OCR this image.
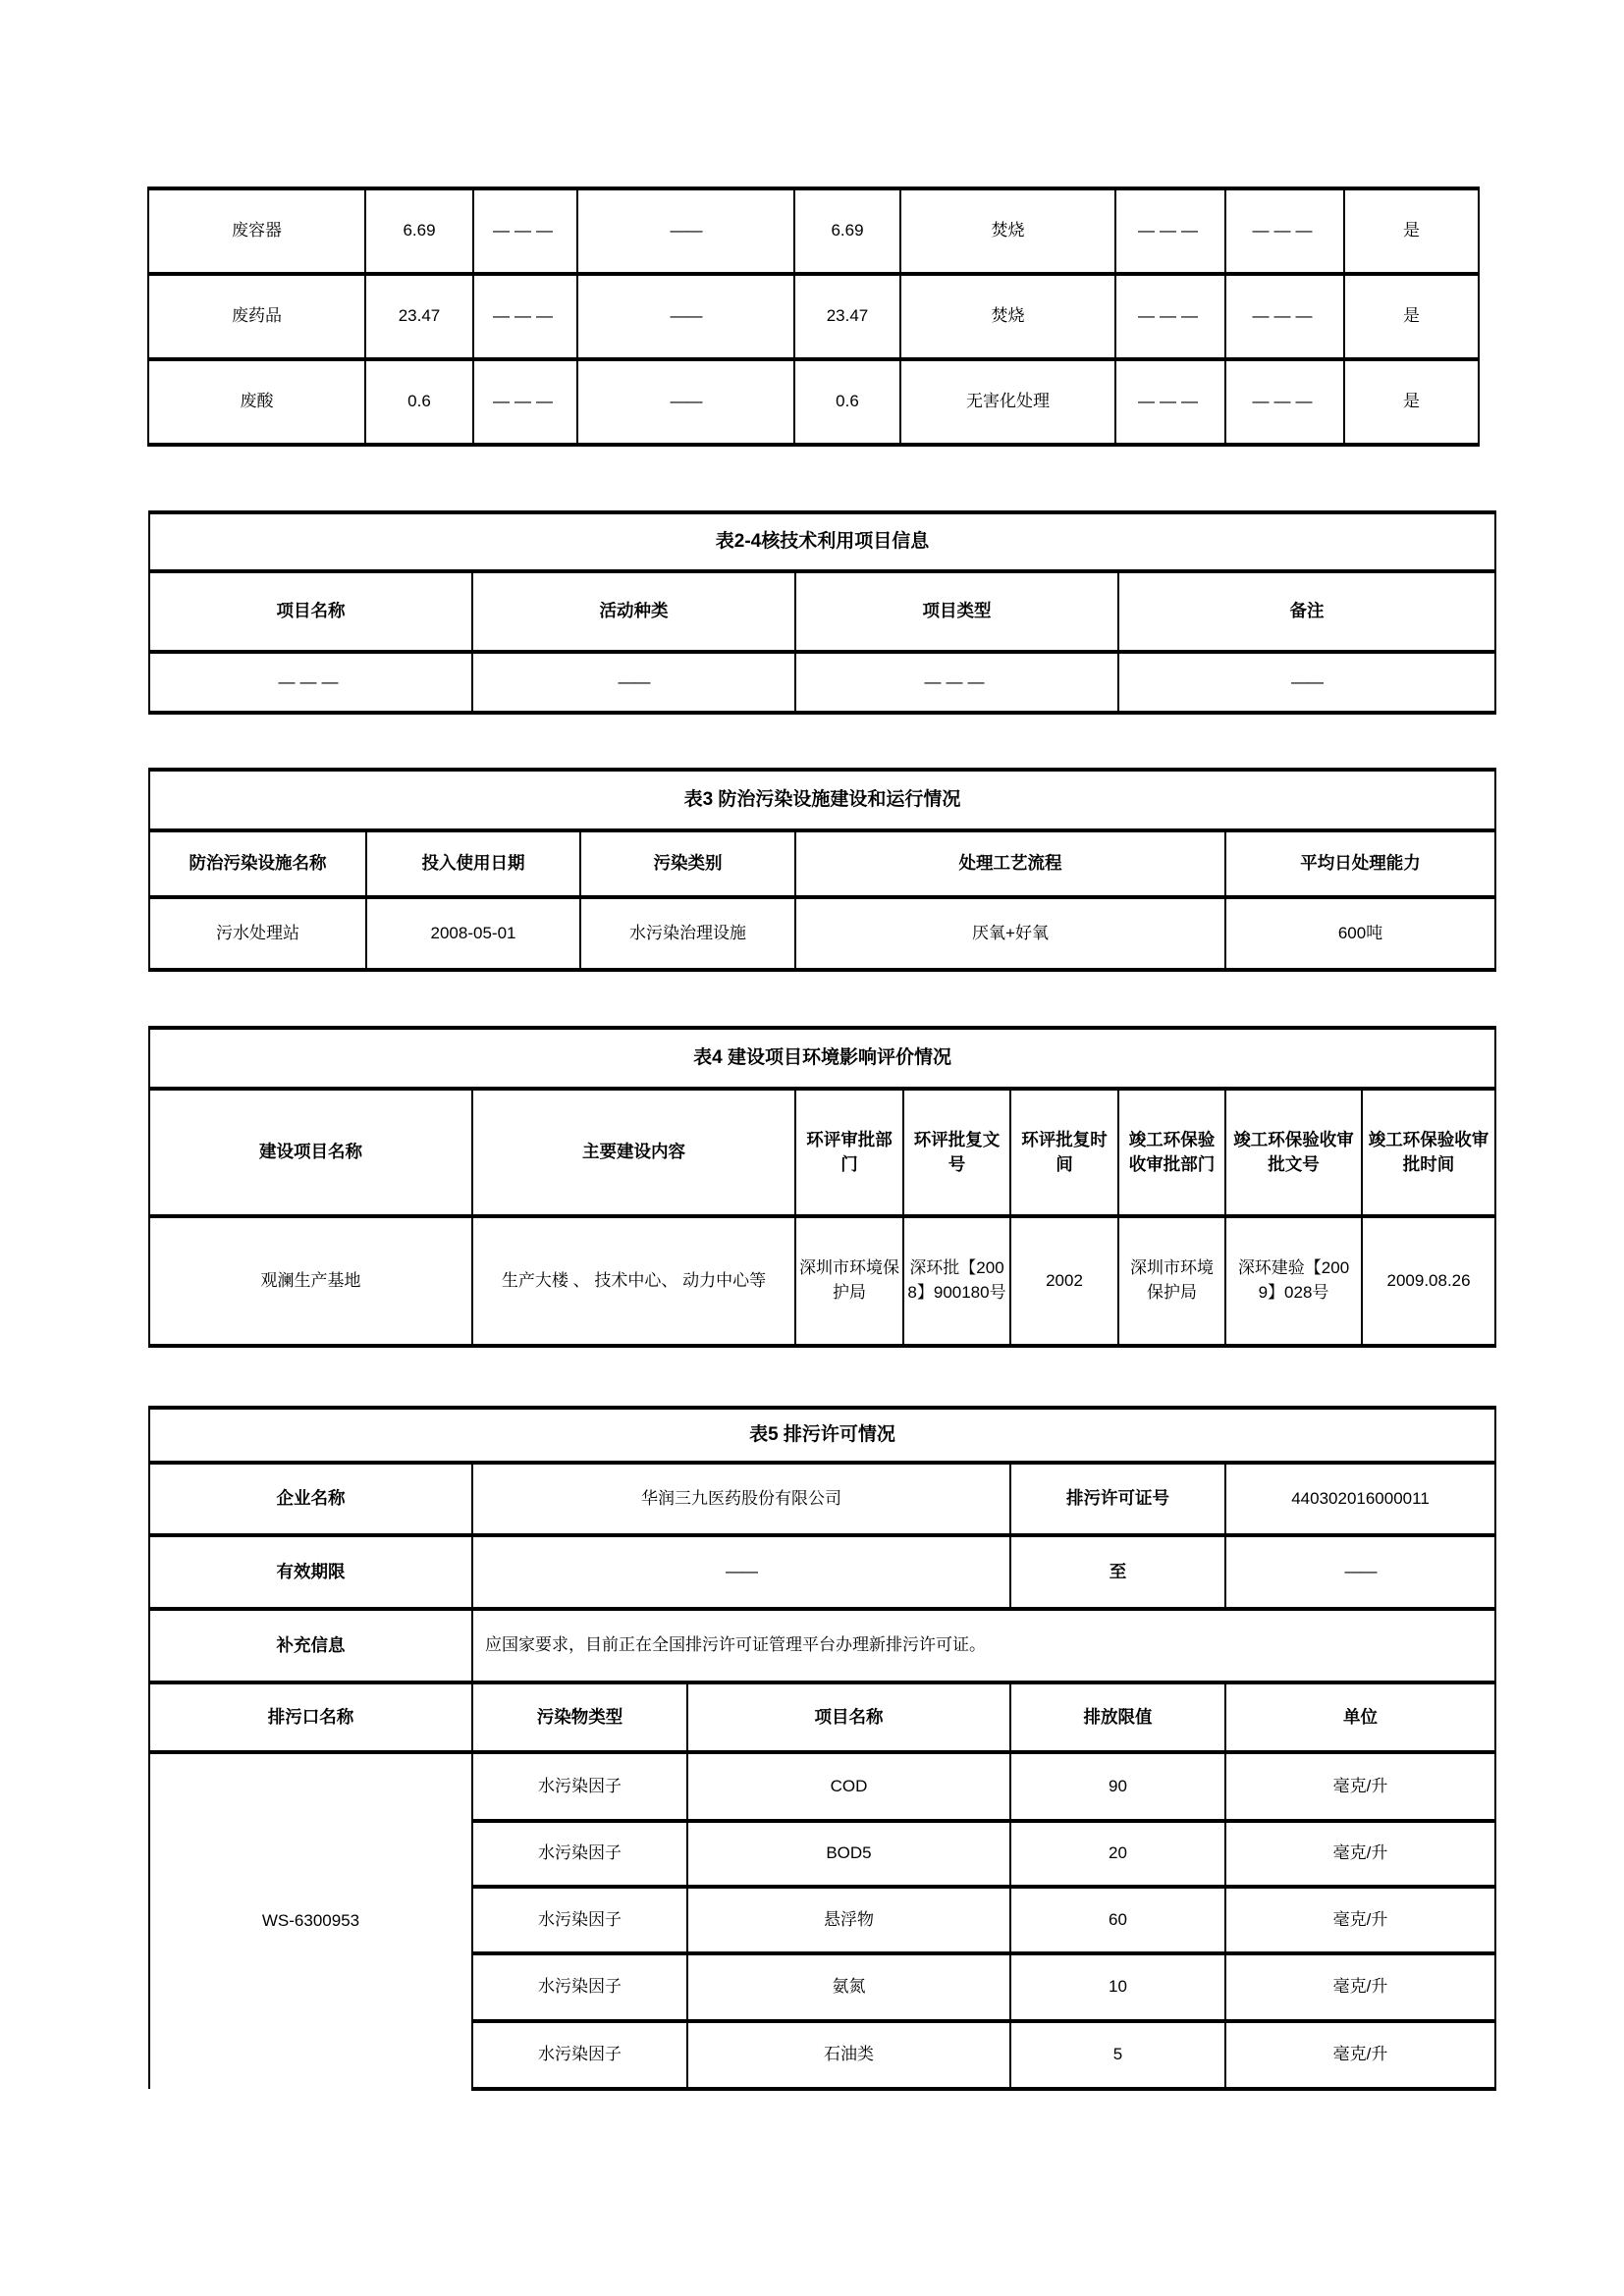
废容器	6.69	———	——	6.69	焚烧	———	———	是
废药品	23.47	———	——	23.47	焚烧	———	———	是
废酸	0.6	———	——	0.6	无害化处理	———	———	是
表2-4核技术利用项目信息			
项目名称	活动种类	项目类型	备注
———	——	———	——
表3 防治污染设施建设和运行情况				
防治污染设施名称	投入使用日期	污染类别	处理工艺流程	平均日处理能力
污水处理站	2008-05-01	水污染治理设施	厌氧+好氧	600吨
表4 建设项目环境影响评价情况							
建设项目名称	主要建设内容	环评审批部门	环评批复文号	环评批复时间	竣工环保验收审批部门	竣工环保验收审批文号	竣工环保验收审批时间
观澜生产基地	生产大楼 、 技术中心、 动力中心等	深圳市环境保护局	深环批【2008】900180号	2002	深圳市环境保护局	深环建验【2009】028号	2009.08.26
表5 排污许可情况				
企业名称	华润三九医药股份有限公司		排污许可证号	440302016000011
有效期限	——		至	——
补充信息	应国家要求，目前正在全国排污许可证管理平台办理新排污许可证。			
排污口名称	污染物类型	项目名称	排放限值	单位
WS-6300953	水污染因子	COD	90	毫克/升
	水污染因子	BOD5	20	毫克/升
	水污染因子	悬浮物	60	毫克/升
	水污染因子	氨氮	10	毫克/升
	水污染因子	石油类	5	毫克/升
